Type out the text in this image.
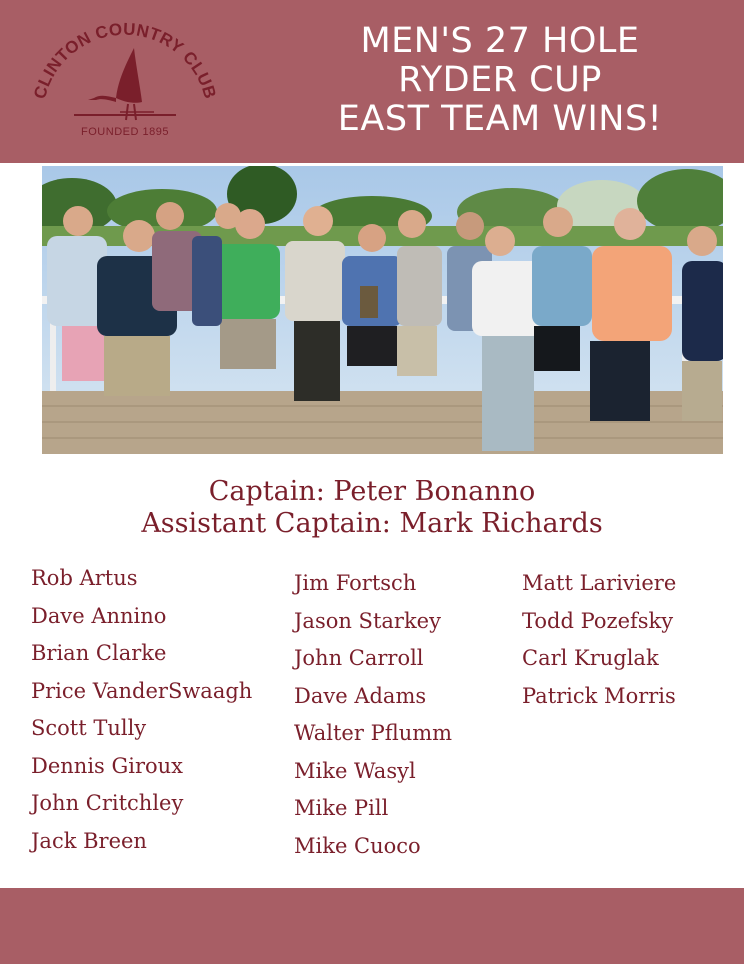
CLINTON COUNTRY CLUB
FOUNDED 1895
MEN'S 27 HOLE
RYDER CUP
EAST TEAM WINS!
Captain: Peter Bonanno
Assistant Captain: Mark Richards
Rob Artus
Dave Annino
Brian Clarke
Price VanderSwaagh
Scott Tully
Dennis Giroux
John Critchley
Jack Breen
Jim Fortsch
Jason Starkey
John Carroll
Dave Adams
Walter Pflumm
Mike Wasyl
Mike Pill
Mike Cuoco
Matt Lariviere
Todd Pozefsky
Carl Kruglak
Patrick Morris
